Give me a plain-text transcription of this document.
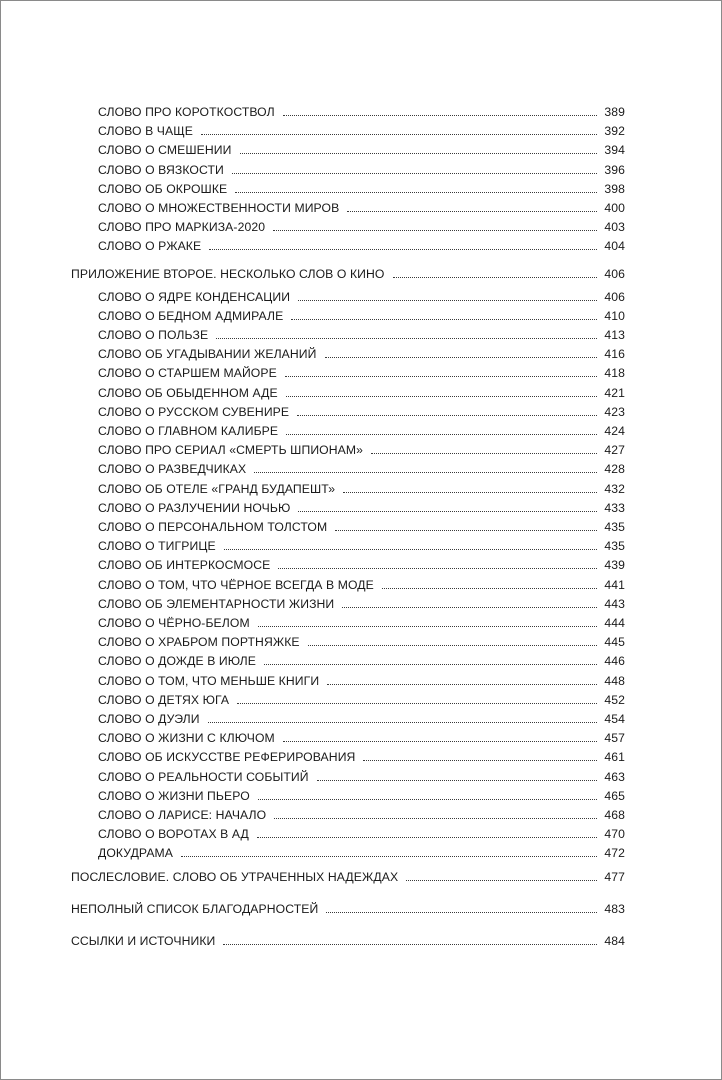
СЛОВО ПРО КОРОТКОСТВОЛ	389
СЛОВО В ЧАЩЕ	392
СЛОВО О СМЕШЕНИИ	394
СЛОВО О ВЯЗКОСТИ	396
СЛОВО ОБ ОКРОШКЕ	398
СЛОВО О МНОЖЕСТВЕННОСТИ МИРОВ	400
СЛОВО ПРО МАРКИЗА-2020	403
СЛОВО О РЖАКЕ	404
ПРИЛОЖЕНИЕ ВТОРОЕ. НЕСКОЛЬКО СЛОВ О КИНО	406
СЛОВО О ЯДРЕ КОНДЕНСАЦИИ	406
СЛОВО О БЕДНОМ АДМИРАЛЕ	410
СЛОВО О ПОЛЬЗЕ	413
СЛОВО ОБ УГАДЫВАНИИ ЖЕЛАНИЙ	416
СЛОВО О СТАРШЕМ МАЙОРЕ	418
СЛОВО ОБ ОБЫДЕННОМ АДЕ	421
СЛОВО О РУССКОМ СУВЕНИРЕ	423
СЛОВО О ГЛАВНОМ КАЛИБРЕ	424
СЛОВО ПРО СЕРИАЛ «СМЕРТЬ ШПИОНАМ»	427
СЛОВО О РАЗВЕДЧИКАХ	428
СЛОВО ОБ ОТЕЛЕ «ГРАНД БУДАПЕШТ»	432
СЛОВО О РАЗЛУЧЕНИИ НОЧЬЮ	433
СЛОВО О ПЕРСОНАЛЬНОМ ТОЛСТОМ	435
СЛОВО О ТИГРИЦЕ	435
СЛОВО ОБ ИНТЕРКОСМОСЕ	439
СЛОВО О ТОМ, ЧТО ЧЁРНОЕ ВСЕГДА В МОДЕ	441
СЛОВО ОБ ЭЛЕМЕНТАРНОСТИ ЖИЗНИ	443
СЛОВО О ЧЁРНО-БЕЛОМ	444
СЛОВО О ХРАБРОМ ПОРТНЯЖКЕ	445
СЛОВО О ДОЖДЕ В ИЮЛЕ	446
СЛОВО О ТОМ, ЧТО МЕНЬШЕ КНИГИ	448
СЛОВО О ДЕТЯХ ЮГА	452
СЛОВО О ДУЭЛИ	454
СЛОВО О ЖИЗНИ С КЛЮЧОМ	457
СЛОВО ОБ ИСКУССТВЕ РЕФЕРИРОВАНИЯ	461
СЛОВО О РЕАЛЬНОСТИ СОБЫТИЙ	463
СЛОВО О ЖИЗНИ ПЬЕРО	465
СЛОВО О ЛАРИСЕ: НАЧАЛО	468
СЛОВО О ВОРОТАХ В АД	470
ДОКУДРАМА	472
ПОСЛЕСЛОВИЕ. СЛОВО ОБ УТРАЧЕННЫХ НАДЕЖДАХ	477
НЕПОЛНЫЙ СПИСОК БЛАГОДАРНОСТЕЙ	483
ССЫЛКИ И ИСТОЧНИКИ	484
